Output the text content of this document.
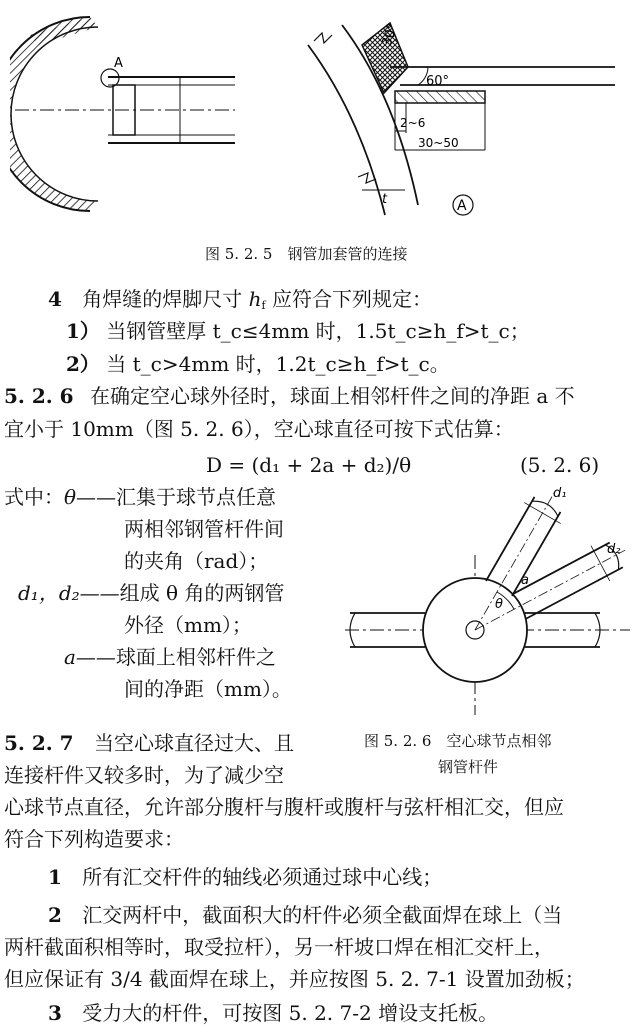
A
60°
30°
2~6
30~50
t	A
图 5. 2. 5　钢管加套管的连接
4 角焊缝的焊脚尺寸 $h_f$ 应符合下列规定：
1） 当钢管壁厚 t_c≤4mm 时，1.5t_c≥h_f>t_c；
2） 当 t_c>4mm 时，1.2t_c≥h_f>t_c。
5. 2. 6 在确定空心球外径时，球面上相邻杆件之间的净距 a 不
宜小于 10mm（图 5. 2. 6），空心球直径可按下式估算：
D = (d₁ + 2a + d₂)/θ	(5. 2. 6)
式中：θ——汇集于球节点任意
两相邻钢管杆件间
的夹角（rad）；
d₁，d₂——组成 θ 角的两钢管
外径（mm）；
a——球面上相邻杆件之
间的净距（mm）。
θ
a
d₁
d₂
图 5. 2. 6　空心球节点相邻
钢管杆件
5. 2. 7 当空心球直径过大、且
连接杆件又较多时，为了减少空
心球节点直径，允许部分腹杆与腹杆或腹杆与弦杆相汇交，但应
符合下列构造要求：
1 所有汇交杆件的轴线必须通过球中心线；
2 汇交两杆中，截面积大的杆件必须全截面焊在球上（当
两杆截面积相等时，取受拉杆），另一杆坡口焊在相汇交杆上，
但应保证有 3/4 截面焊在球上，并应按图 5. 2. 7-1 设置加劲板；
3 受力大的杆件，可按图 5. 2. 7-2 增设支托板。
